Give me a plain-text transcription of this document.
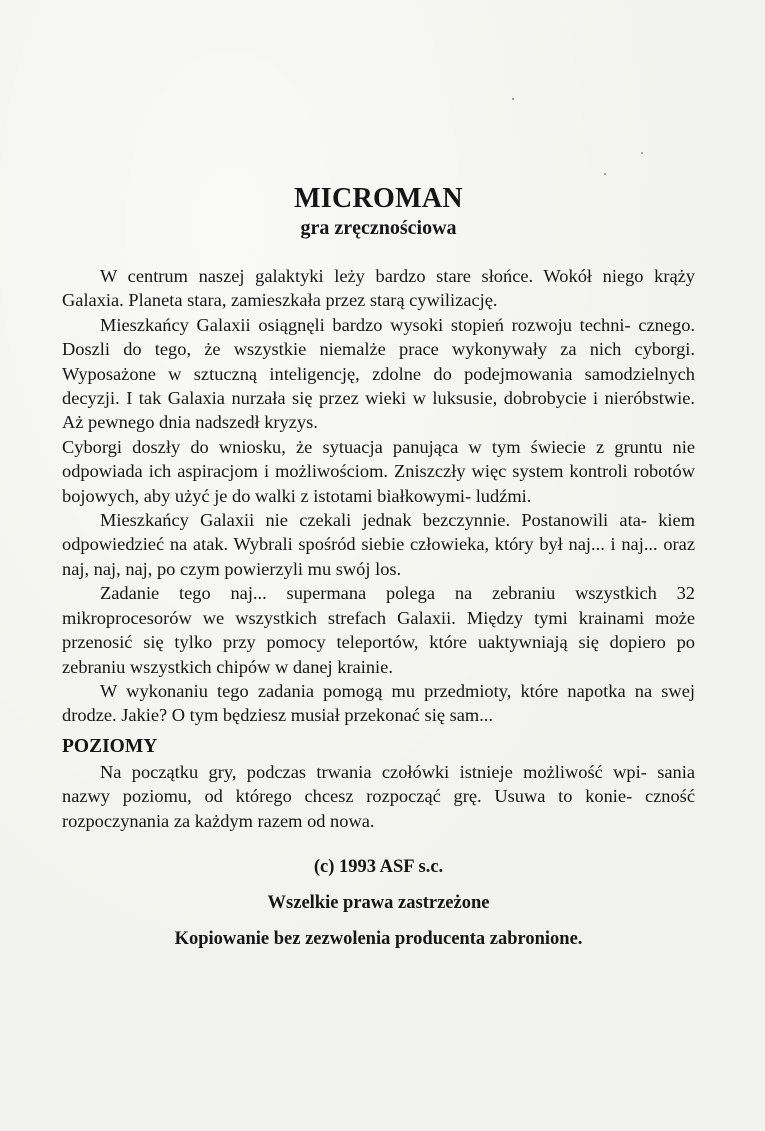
MICROMAN
gra zręcznościowa

W centrum naszej galaktyki leży bardzo stare słońce. Wokół niego krąży Galaxia. Planeta stara, zamieszkała przez starą cywilizację.

Mieszkańcy Galaxii osiągnęli bardzo wysoki stopień rozwoju techni- cznego. Doszli do tego, że wszystkie niemalże prace wykonywały za nich cyborgi. Wyposażone w sztuczną inteligencję, zdolne do podejmowania samodzielnych decyzji. I tak Galaxia nurzała się przez wieki w luksusie, dobrobycie i nieróbstwie. Aż pewnego dnia nadszedł kryzys.

Cyborgi doszły do wniosku, że sytuacja panująca w tym świecie z gruntu nie odpowiada ich aspiracjom i możliwościom. Zniszczły więc system kontroli robotów bojowych, aby użyć je do walki z istotami białkowymi- ludźmi.

Mieszkańcy Galaxii nie czekali jednak bezczynnie. Postanowili ata- kiem odpowiedzieć na atak. Wybrali spośród siebie człowieka, który był naj... i naj... oraz naj, naj, naj, po czym powierzyli mu swój los.

Zadanie tego naj... supermana polega na zebraniu wszystkich 32 mikroprocesorów we wszystkich strefach Galaxii. Między tymi krainami może przenosić się tylko przy pomocy teleportów, które uaktywniają się dopiero po zebraniu wszystkich chipów w danej krainie.

W wykonaniu tego zadania pomogą mu przedmioty, które napotka na swej drodze. Jakie? O tym będziesz musiał przekonać się sam...

POZIOMY

Na początku gry, podczas trwania czołówki istnieje możliwość wpi- sania nazwy poziomu, od którego chcesz rozpocząć grę. Usuwa to konie- czność rozpoczynania za każdym razem od nowa.

(c) 1993 ASF s.c.
Wszelkie prawa zastrzeżone
Kopiowanie bez zezwolenia producenta zabronione.
